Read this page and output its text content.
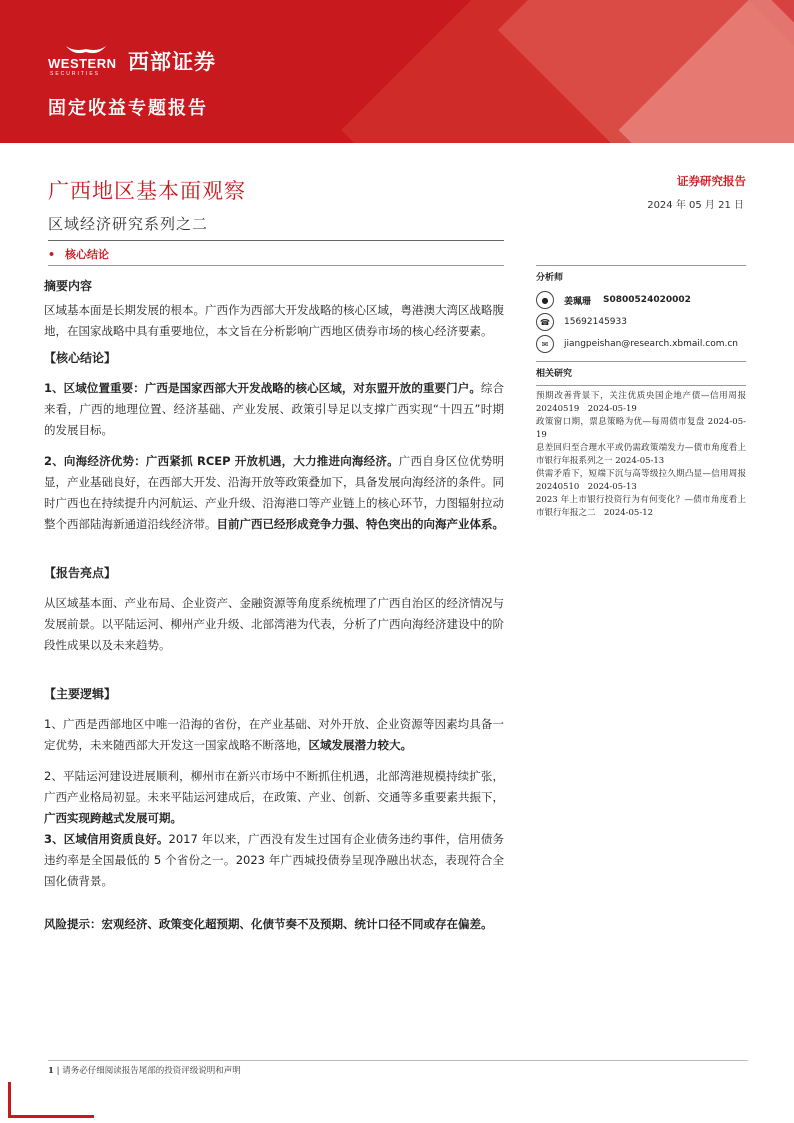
WESTERN
SECURITIES 西部证券
固定收益专题报告
广西地区基本面观察
区域经济研究系列之二
证券研究报告
2024 年 05 月 21 日
• 核心结论

摘要内容

区域基本面是长期发展的根本。广西作为西部大开发战略的核心区域，粤港澳大湾区战略腹地，在国家战略中具有重要地位，本文旨在分析影响广西地区债券市场的核心经济要素。

【核心结论】

1、区域位置重要：广西是国家西部大开发战略的核心区域，对东盟开放的重要门户。综合来看，广西的地理位置、经济基础、产业发展、政策引导足以支撑广西实现“十四五”时期的发展目标。

2、向海经济优势：广西紧抓 RCEP 开放机遇，大力推进向海经济。广西自身区位优势明显，产业基础良好，在西部大开发、沿海开放等政策叠加下，具备发展向海经济的条件。同时广西也在持续提升内河航运、产业升级、沿海港口等产业链上的核心环节，力图辐射拉动整个西部陆海新通道沿线经济带。目前广西已经形成竞争力强、特色突出的向海产业体系。

【报告亮点】

从区域基本面、产业布局、企业资产、金融资源等角度系统梳理了广西自治区的经济情况与发展前景。以平陆运河、柳州产业升级、北部湾港为代表，分析了广西向海经济建设中的阶段性成果以及未来趋势。

【主要逻辑】

1、广西是西部地区中唯一沿海的省份，在产业基础、对外开放、企业资源等因素均具备一定优势，未来随西部大开发这一国家战略不断落地，区域发展潜力较大。

2、平陆运河建设进展顺利，柳州市在新兴市场中不断抓住机遇，北部湾港规模持续扩张，广西产业格局初显。未来平陆运河建成后，在政策、产业、创新、交通等多重要素共振下，广西实现跨越式发展可期。

3、区域信用资质良好。2017 年以来，广西没有发生过国有企业债务违约事件，信用债务违约率是全国最低的 5 个省份之一。2023 年广西城投债券呈现净融出状态，表现符合全国化债背景。

风险提示：宏观经济、政策变化超预期、化债节奏不及预期、统计口径不同或存在偏差。

分析师
●	姜珮珊 S0800524020002
☎	15692145933
✉	jiangpeishan@research.xbmail.com.cn
相关研究
预期改善背景下，关注优质央国企地产债—信用周报 20240519　2024-05-19
政策窗口期，票息策略为优—每周债市复盘 2024-05-19
息差回归至合理水平或仍需政策端发力—债市角度看上市银行年报系列之一 2024-05-13
供需矛盾下，短端下沉与高等级拉久期凸显—信用周报 20240510　2024-05-13
2023 年上市银行投资行为有何变化？—债市角度看上市银行年报之二　2024-05-12
1 | 请务必仔细阅读报告尾部的投资评级说明和声明
